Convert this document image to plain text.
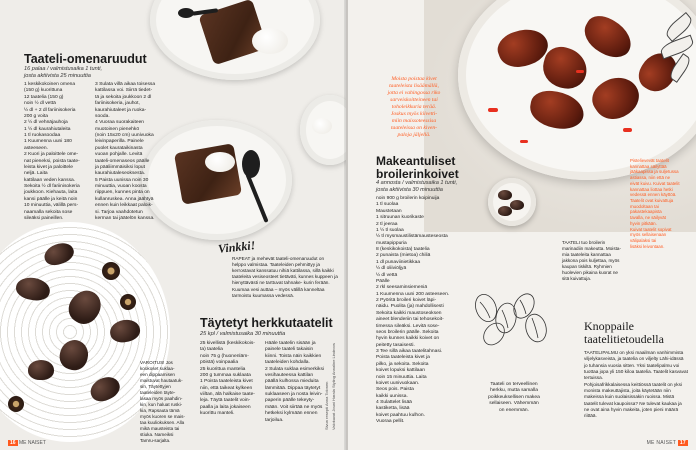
Taateli-omenaruudut
16 palaa / valmistusaika 1 tunti,
josta aktiivista 25 minuuttia
1 keskikokoinen omena
(150 g) kuorittuna
12 taatelia (150 g)
noin ½ dl vettä
½ dl + 2 dl fariinisokeria
200 g voita
2 ½ dl vehnäjauhoja
1 ½ dl kaurahiutaleita
1 tl ruokasoodaa
1 Kuumenna uuni 180
asteeseen.
2 Kuori ja paloittele ome-
nat pieneksi, poista taate-
leista kivet ja paloittele
neljä. Laita
kattilaan veden kanssa.
Sekoita ½ dl fariinisokeria
joukkoon. Kiehauta, laita
kansi päälle ja keitä noin
10 minuuttia, välillä pers-
naamalla sekoita sose
sileäksi paineillen.
3 Sulata villä aikaa toisessa
kattilassa voi. Siirrä tiedet-
tä ja sekoita joukkoon 2 dl
fariinisokeria, jauhot,
kaurahiutaleet ja ruoka-
sooda.
4 Vuoraa suorakaiteen
muotoinen pienehkö
(noin 15x20 cm) uunivuoka
leivinpaperilla. Painele
puolet kaurataikinasta
vuoan pohjalle. Levitä
taateli-omenaseos päälle
ja pääliimmäisiksi loput
kaurahiutaleseoksesta.
5 Paista uunissa noin 30
minuuttia, vuoan koosta
riippuen, kunnes pinta on
kullanruskea. Anna jäähtyä
ennen kuin leikkaat paloik-
si. Tarjoa vaahdotetun
kerman tai jäätelön kanssa.
Vinkki!
RAPEAT ja mehevät taateli-omenaruudut on helppo valmistaa. Taateleiden pehmittyy ja kerrostavat kanssatuu nihiä kattilassa, sillä kaikki taateleita vesiseosteet tietäväti, kunnes kuppeen ja hienyttävästi ne tarttuvat tahnake- kurin ferään. Kuumaa vesi auttaa – myös välillä kanneltaa tarmoistu kuumassa vedessä.
Täytetyt herkkutaatelit
25 kpl / valmistusaika 30 minuuttia
25 kivellistä (keskikokois-
ta) taatelia
noin 75 g (huonenläm-
pöistä) voinpaalia
25 kuorittua mantelia
200 g tummaa suklaata
1 Poista taateleista kivet
niin, että taikeat kylkeen
viiltan, älä halkaise taate-
leja. Täytä taatelit voin-
paalla ja laita jokaiseen
kuorittu manteli.
Hääle taatelin sisään ja
painele taateli takaisin
kiinni. Toista näin kaikkien
taateleiden kohdalla.
2 Sulata suklaa esimerkiksi
vesihauteessa kattilan
päällä kulhossa mieduita
lämmitää. Dippaa täytetyt
suklaaseen ja nosta leivin-
paperin päälle tekeyty-
mään. Voit siirtää ne myös
hetkeksi kylmään ennen
tarjoilua.
VAROITUS! Jos
kookoset suklaa-
een dippaamisen
maistuvat hautaatuk-
sin, Täytettyjen
taateleiden täyte-
lasaa myös paahdin-
kin, kun haluat ruski-
kia, Rapsauta tämä
myös kuoren se mais-
taa kuuliokuksen. Alla
mikä mausteista tai
stiuka. Nameiksi
Tamru-sarjalta.
Valokuvat Jouni Harala Styling Annaline Lindroos
Sivun resepti Anna Tolonen
16 ME NAISET
Moista poistaa kivet
taateleista lisäämällä,
jotta ei vahingossa riko
sarveiskoitteineen tai
toholeikkuria terää.
Joskus myös kiivetti-
miin maissoteessisa
taateleissa on kiven-
paloja jäljellä.
Makeantuliset
broilerinkoivet
4 annosta / valmistusaika 1 tunti,
josta aktiivista 30 minuuttia
noin 900 g broilerin koipinuija
1 tl suolaa
Maustetaan
1 sitruunan kuorikaste
2 tl jeeraa
1 ½ tl suolaa
½ tl mysmaustilistämausteseosta
mustapippuria
8 (keskikokoista) taatelia
2 punaista (mietoa) chiliä
1 dl punaviinietikkaa
½ dl oliiviöljyä
½ dl vettä
Päälle
2 rkl seesaminsiemeniä
1 Kuumenna uuni 200 asteeseen.
2 Pyöritä broileri koivet läpi-
näidu. Puolita (ja) mahdollisesti
Sekoita kaikki maustoseoksen
aineet blenderiin tai tehosekoit-
timessa sileäksi. Levitä sose-
seos broilerin päälle. Sekoita
hyvin kunnes kaikki koivet on
peitetty tasaisesti.
3 Tee sillä aikaa taatelitahnasi.
Poista taateleista kivet ja
pilko, ja sekoita. Sekoita
koivet lopuksi kattilaan
noin 15 minuuttia. Laita
koivet uunivuokaan.
Seos pois. Paista
kaikki uunissa.
4 Sulattelet lisää
kastiketta, lisää
koivet paahtuu kulhon.
Vuoraa pellit.
Pistelievevät taatelit
kannattaa säilyttää
jääkaapissa ja suljetussa
astiassa, niin että ne
eivät kuivu. Kuivat taatelit
kannattaa liottaa hetki
vedessä ennen käyttöä.
Taatelit ovat kuivattuja
muodoltaan tai
pakastekaapista
tavalla, ne säilyvät
hyvin pitkään.
Kuivat taatelit sopivat
myös sellaisenaan
välipalaksi tai
lisäksi leivontaan.
TAATELI tuo broilerin
marinadiin makeutta. Moista-
mia taateleita kannattaa
jakkona pois kuljettaa, myös
kaupan tiskiltä. Ryhmien
huolevien pikaina kuorat ne
sitä kuivattuja.
Taateli on terveellinen
herkku, mutta samalla
poikkeuksellisen makea
sellaiseen. Vähemmän
on enemmän.
Knoppaile
taatelitietoudella
TAATELIPALMU on yksi maailman vanhimmista viljelykasveista, ja taatelia on viljelty Lähi-idässä jo tuhansia vuosia sitten. Yksi taatelipalmu voi tuottaa jopa yli 150 kiloa taatelia. Taatelit kasvavat tertuissa.
Pohjoisafrikkalaisessa keittiössä taatelit on yksi monista makeuttajista, joita käytetään niin makeissa kuin suolaisissakin ruoissa. Mistä taatelit tulevat kaupoissa? Ne tulevat kaukaa ja ne ovat aina hyvin makeita, joten pieni määrä riittää.
ME NAISET 17
